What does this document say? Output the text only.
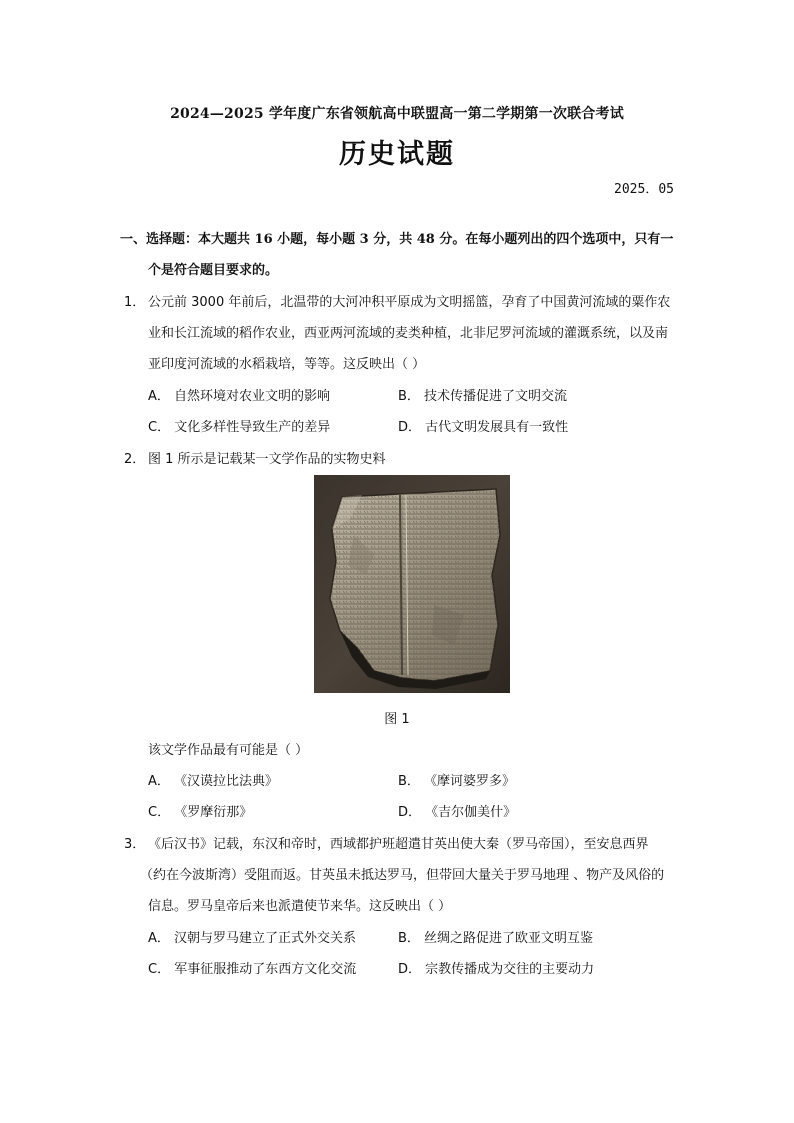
2024—2025 学年度广东省领航高中联盟高一第二学期第一次联合考试
历史试题
2025．05
一、选择题：本大题共 16 小题，每小题 3 分，共 48 分。在每小题列出的四个选项中，只有一
个是符合题目要求的。
1． 公元前 3000 年前后，北温带的大河冲积平原成为文明摇篮，孕育了中国黄河流域的粟作农
业和长江流域的稻作农业，西亚两河流域的麦类种植，北非尼罗河流域的灌溉系统，以及南
亚印度河流域的水稻栽培，等等。这反映出（ ）
A． 自然环境对农业文明的影响	B． 技术传播促进了文明交流
C． 文化多样性导致生产的差异	D． 古代文明发展具有一致性
2． 图 1 所示是记载某一文学作品的实物史料
图 1
该文学作品最有可能是（ ）
A． 《汉谟拉比法典》	B． 《摩诃婆罗多》
C． 《罗摩衍那》	D． 《吉尔伽美什》
3． 《后汉书》记载，东汉和帝时，西域都护班超遣甘英出使大秦（罗马帝国），至安息西界
（约在今波斯湾）受阻而返。甘英虽未抵达罗马，但带回大量关于罗马地理 、物产及风俗的
信息。罗马皇帝后来也派遣使节来华。这反映出（ ）
A． 汉朝与罗马建立了正式外交关系	B． 丝绸之路促进了欧亚文明互鉴
C． 军事征服推动了东西方文化交流	D． 宗教传播成为交往的主要动力
